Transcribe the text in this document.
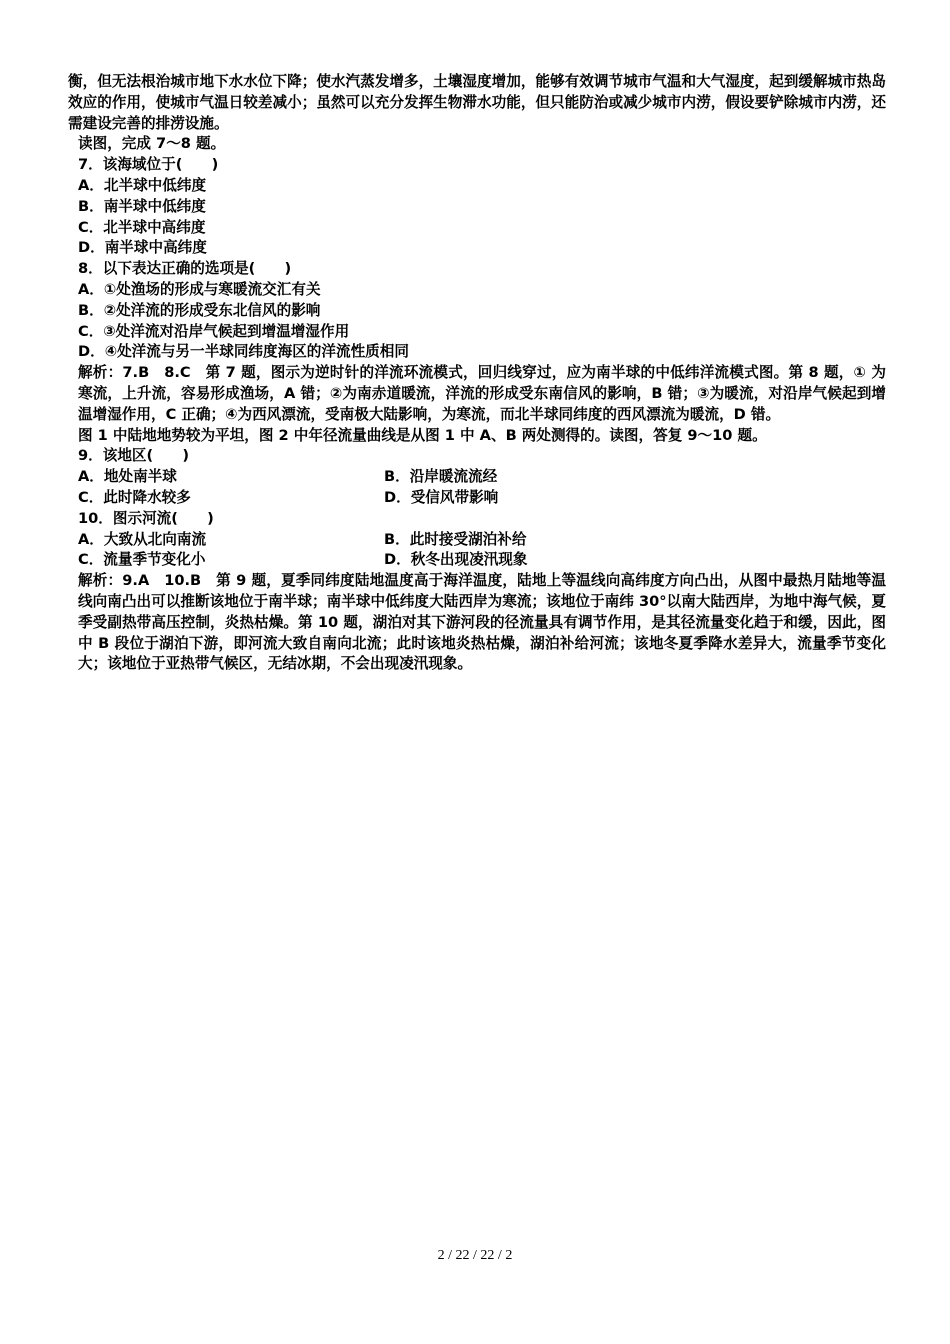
衡，但无法根治城市地下水水位下降；使水汽蒸发增多，土壤湿度增加，能够有效调节城市气温和大气湿度，起到缓解城市热岛效应的作用，使城市气温日较差减小；虽然可以充分发挥生物滞水功能，但只能防治或减少城市内涝，假设要铲除城市内涝，还需建设完善的排涝设施。

读图，完成 7～8 题。

7．该海域位于(　　)

A．北半球中低纬度

B．南半球中低纬度

C．北半球中高纬度

D．南半球中高纬度

8．以下表达正确的选项是(　　)

A．①处渔场的形成与寒暖流交汇有关

B．②处洋流的形成受东北信风的影响

C．③处洋流对沿岸气候起到增温增湿作用

D．④处洋流与另一半球同纬度海区的洋流性质相同

解析：7.B　8.C　第 7 题，图示为逆时针的洋流环流模式，回归线穿过，应为南半球的中低纬洋流模式图。第 8 题，① 为寒流，上升流，容易形成渔场，A 错；②为南赤道暖流，洋流的形成受东南信风的影响，B 错；③为暖流，对沿岸气候起到增温增湿作用，C 正确；④为西风漂流，受南极大陆影响，为寒流，而北半球同纬度的西风漂流为暖流，D 错。

图 1 中陆地地势较为平坦，图 2 中年径流量曲线是从图 1 中 A、B 两处测得的。读图，答复 9～10 题。

9．该地区(　　)

A．地处南半球	B．沿岸暖流流经
C．此时降水较多	D．受信风带影响

10．图示河流(　　)

A．大致从北向南流	B．此时接受湖泊补给
C．流量季节变化小	D．秋冬出现凌汛现象

解析：9.A　10.B　第 9 题，夏季同纬度陆地温度高于海洋温度，陆地上等温线向高纬度方向凸出，从图中最热月陆地等温线向南凸出可以推断该地位于南半球；南半球中低纬度大陆西岸为寒流；该地位于南纬 30°以南大陆西岸，为地中海气候，夏季受副热带高压控制，炎热枯燥。第 10 题，湖泊对其下游河段的径流量具有调节作用，是其径流量变化趋于和缓，因此，图中 B 段位于湖泊下游，即河流大致自南向北流；此时该地炎热枯燥，湖泊补给河流；该地冬夏季降水差异大，流量季节变化大；该地位于亚热带气候区，无结冰期，不会出现凌汛现象。

2 / 22 / 22 / 2
